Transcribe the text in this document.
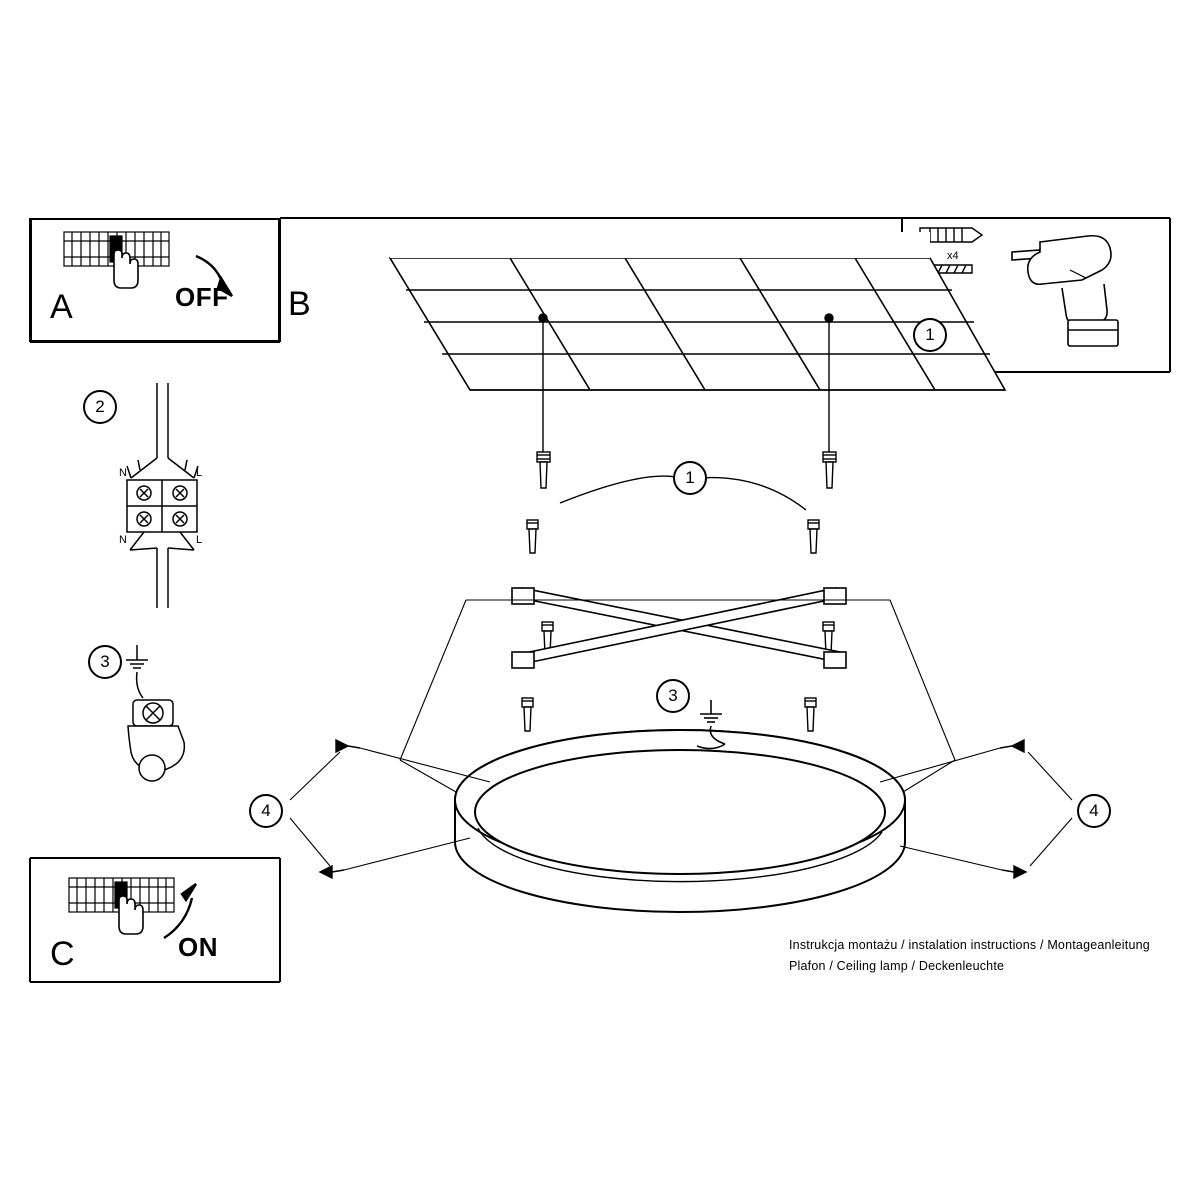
A	OFF B
C	ON
1
1
2
3
3
4	4
x4
N	L
N	L
Instrukcja montażu / instalation instructions / Montageanleitung
Plafon / Ceiling lamp / Deckenleuchte
